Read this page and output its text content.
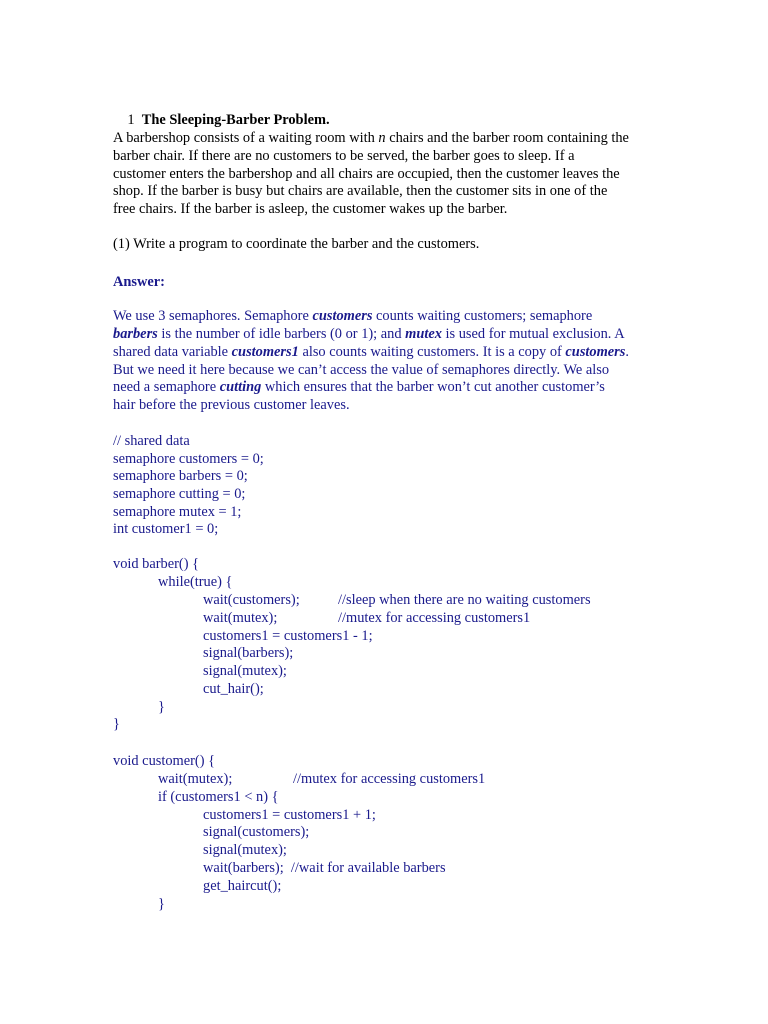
1 The Sleeping-Barber Problem.

A barbershop consists of a waiting room with n chairs and the barber room containing the
barber chair. If there are no customers to be served, the barber goes to sleep. If a
customer enters the barbershop and all chairs are occupied, then the customer leaves the
shop. If the barber is busy but chairs are available, then the customer sits in one of the
free chairs. If the barber is asleep, the customer wakes up the barber.
(1) Write a program to coordinate the barber and the customers.
Answer:
We use 3 semaphores. Semaphore customers counts waiting customers; semaphore
barbers is the number of idle barbers (0 or 1); and mutex is used for mutual exclusion. A
shared data variable customers1 also counts waiting customers. It is a copy of customers.
But we need it here because we can’t access the value of semaphores directly. We also
need a semaphore cutting which ensures that the barber won’t cut another customer’s
hair before the previous customer leaves.
// shared data
semaphore customers = 0;
semaphore barbers = 0;
semaphore cutting = 0;
semaphore mutex = 1;
int customer1 = 0;
void barber() {
while(true) {
wait(customers);	//sleep when there are no waiting customers
wait(mutex);	//mutex for accessing customers1
customers1 = customers1 - 1;
signal(barbers);
signal(mutex);
cut_hair();
}
}
void customer() {
wait(mutex);	//mutex for accessing customers1
if (customers1 < n) {
customers1 = customers1 + 1;
signal(customers);
signal(mutex);
wait(barbers); //wait for available barbers
get_haircut();
}
